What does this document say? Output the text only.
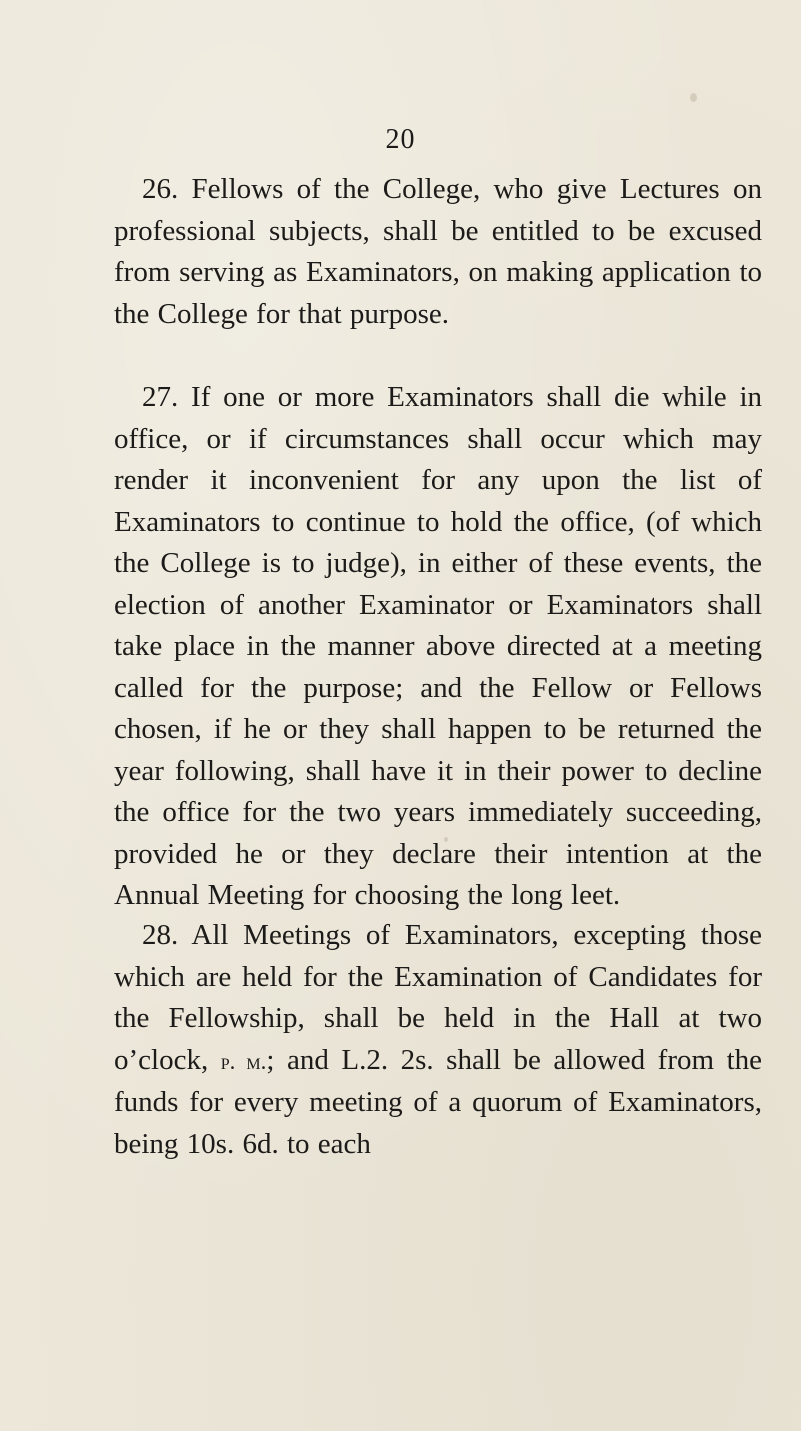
20

26. Fellows of the College, who give Lectures on professional subjects, shall be entitled to be excused from serving as Examinators, on making application to the College for that purpose.

27. If one or more Examinators shall die while in office, or if circumstances shall occur which may render it inconvenient for any upon the list of Examinators to continue to hold the office, (of which the College is to judge), in either of these events, the election of another Examinator or Examinators shall take place in the manner above directed at a meeting called for the purpose; and the Fellow or Fellows chosen, if he or they shall happen to be returned the year following, shall have it in their power to decline the office for the two years immediately succeeding, provided he or they declare their intention at the Annual Meeting for choosing the long leet.

28. All Meetings of Examinators, excepting those which are held for the Examination of Candidates for the Fellowship, shall be held in the Hall at two o’clock, p. m.; and L.2. 2s. shall be allowed from the funds for every meeting of a quorum of Examinators, being 10s. 6d. to each
